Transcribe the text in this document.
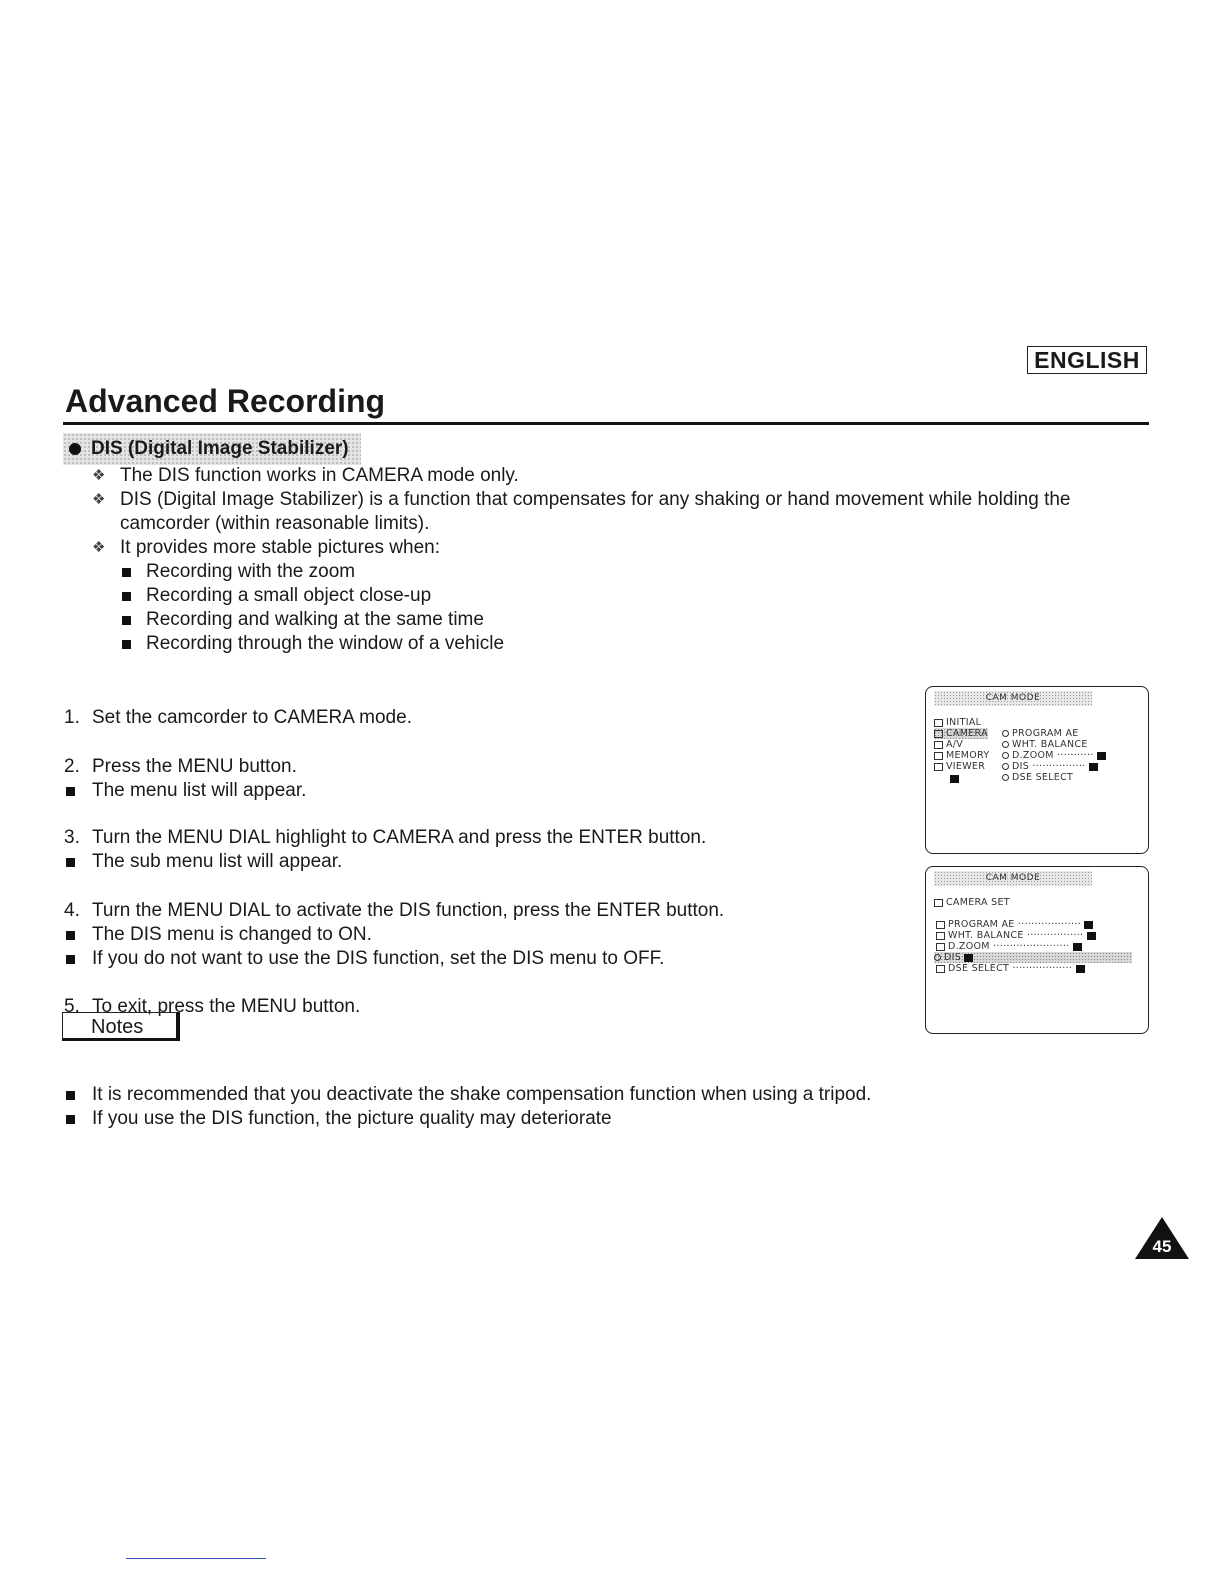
ENGLISH
Advanced Recording
DIS (Digital Image Stabilizer)
❖ The DIS function works in CAMERA mode only.
❖ DIS (Digital Image Stabilizer) is a function that compensates for any shaking or hand movement while holding the camcorder (within reasonable limits).
❖ It provides more stable pictures when:
Recording with the zoom
Recording a small object close-up
Recording and walking at the same time
Recording through the window of a vehicle
1. Set the camcorder to CAMERA mode.
2. Press the MENU button.
The menu list will appear.
3. Turn the MENU DIAL highlight to CAMERA and press the ENTER button.
The sub menu list will appear.
4. Turn the MENU DIAL to activate the DIS function, press the ENTER button.
The DIS menu is changed to ON.
If you do not want to use the DIS function, set the DIS menu to OFF.
5. To exit, press the MENU button.
CAM MODE
INITIAL
CAMERA
A/V
MEMORY
VIEWER
PROGRAM AE
WHT. BALANCE
D.ZOOM ···········
DIS ················
DSE SELECT
CAM MODE
CAMERA SET
PROGRAM AE ···················
WHT. BALANCE ·················
D.ZOOM ·······················
DIS
DSE SELECT ··················
Notes
It is recommended that you deactivate the shake compensation function when using a tripod.
If you use the DIS function, the picture quality may deteriorate
45
